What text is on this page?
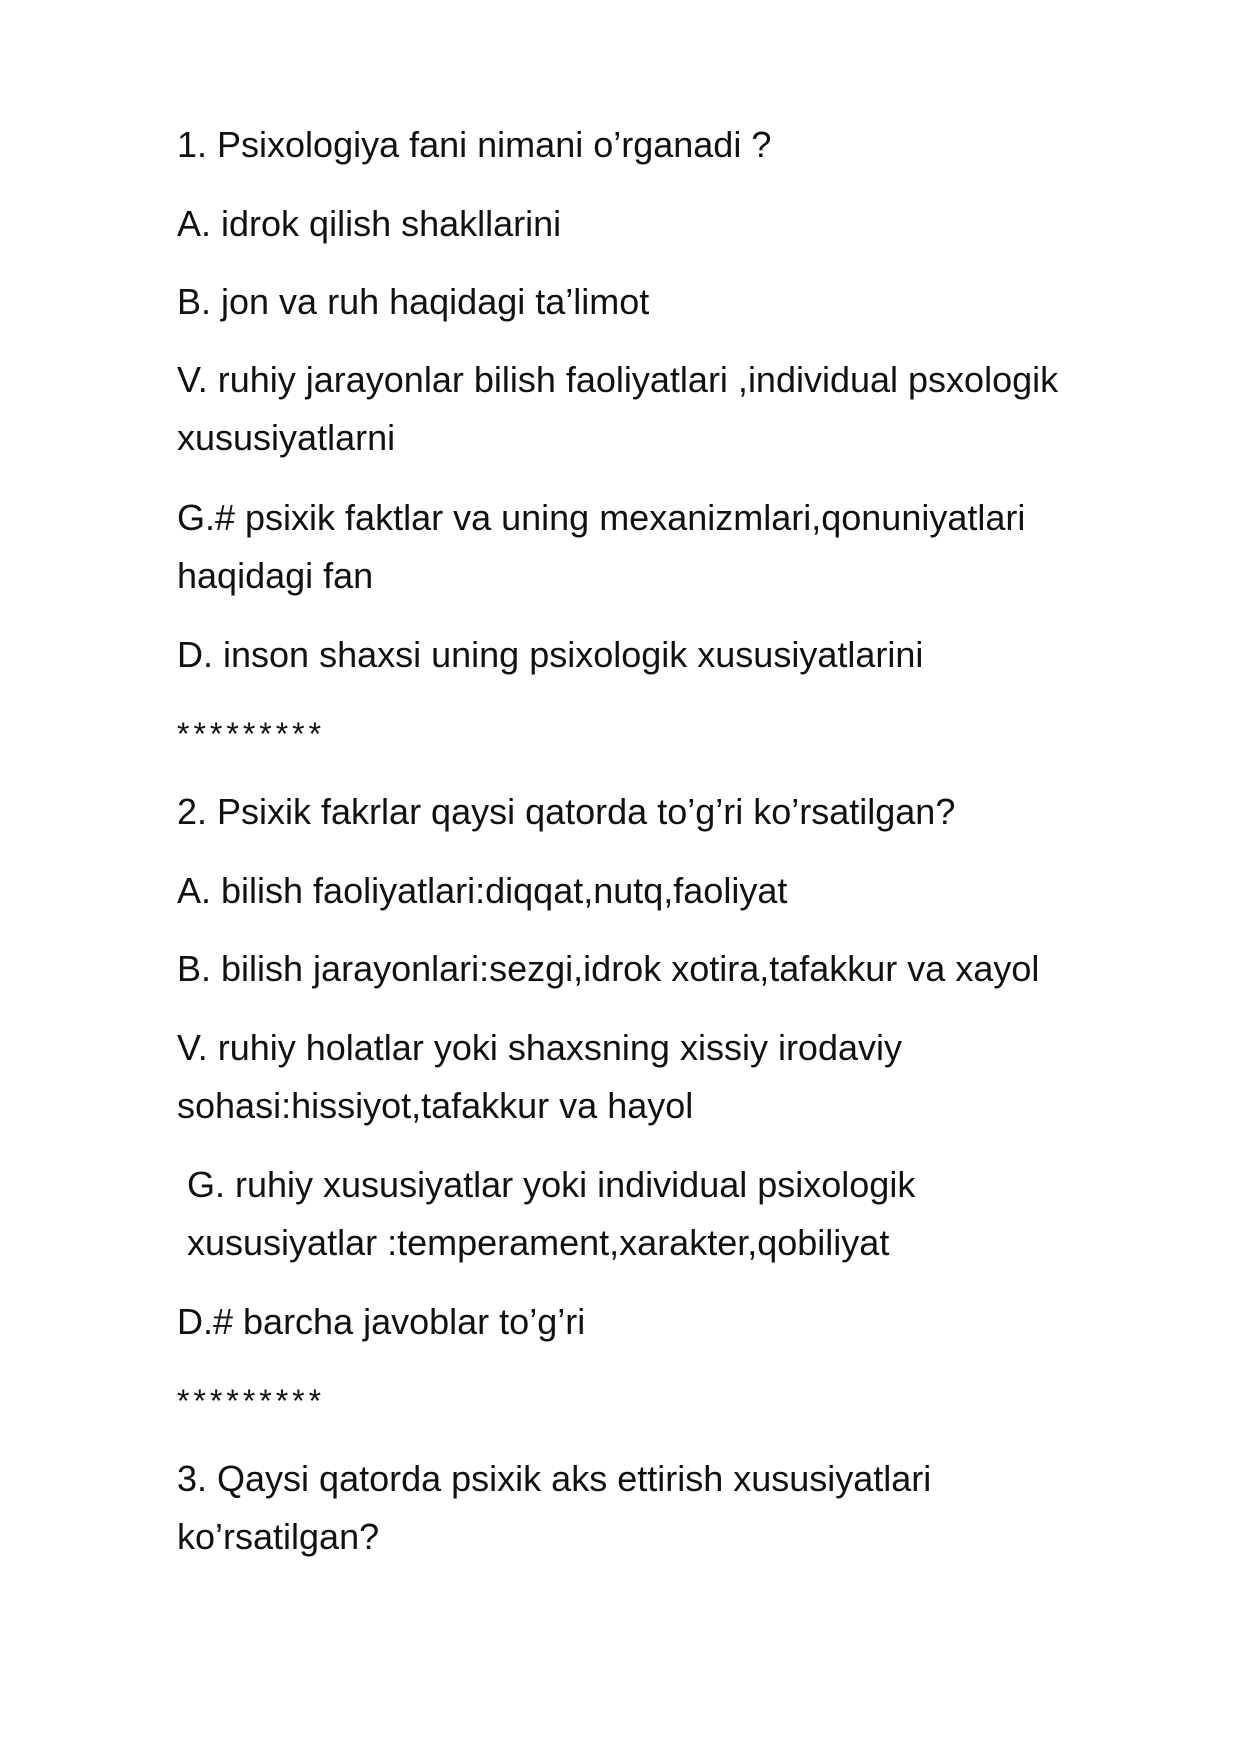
1. Psixologiya fani nimani o’rganadi ?
A. idrok qilish shakllarini
B. jon va ruh haqidagi ta’limot
V. ruhiy jarayonlar bilish faoliyatlari ,individual psxologik xususiyatlarni
G.# psixik faktlar va uning mexanizmlari,qonuniyatlari haqidagi fan
D. inson shaxsi uning psixologik xususiyatlarini
*********
2. Psixik fakrlar qaysi qatorda to’g’ri ko’rsatilgan?
A. bilish faoliyatlari:diqqat,nutq,faoliyat
B. bilish jarayonlari:sezgi,idrok xotira,tafakkur va xayol
V. ruhiy holatlar yoki shaxsning xissiy irodaviy sohasi:hissiyot,tafakkur va hayol
G. ruhiy xususiyatlar yoki individual psixologik xususiyatlar :temperament,xarakter,qobiliyat
D.# barcha javoblar to’g’ri
*********
3. Qaysi qatorda psixik aks ettirish xususiyatlari ko’rsatilgan?
